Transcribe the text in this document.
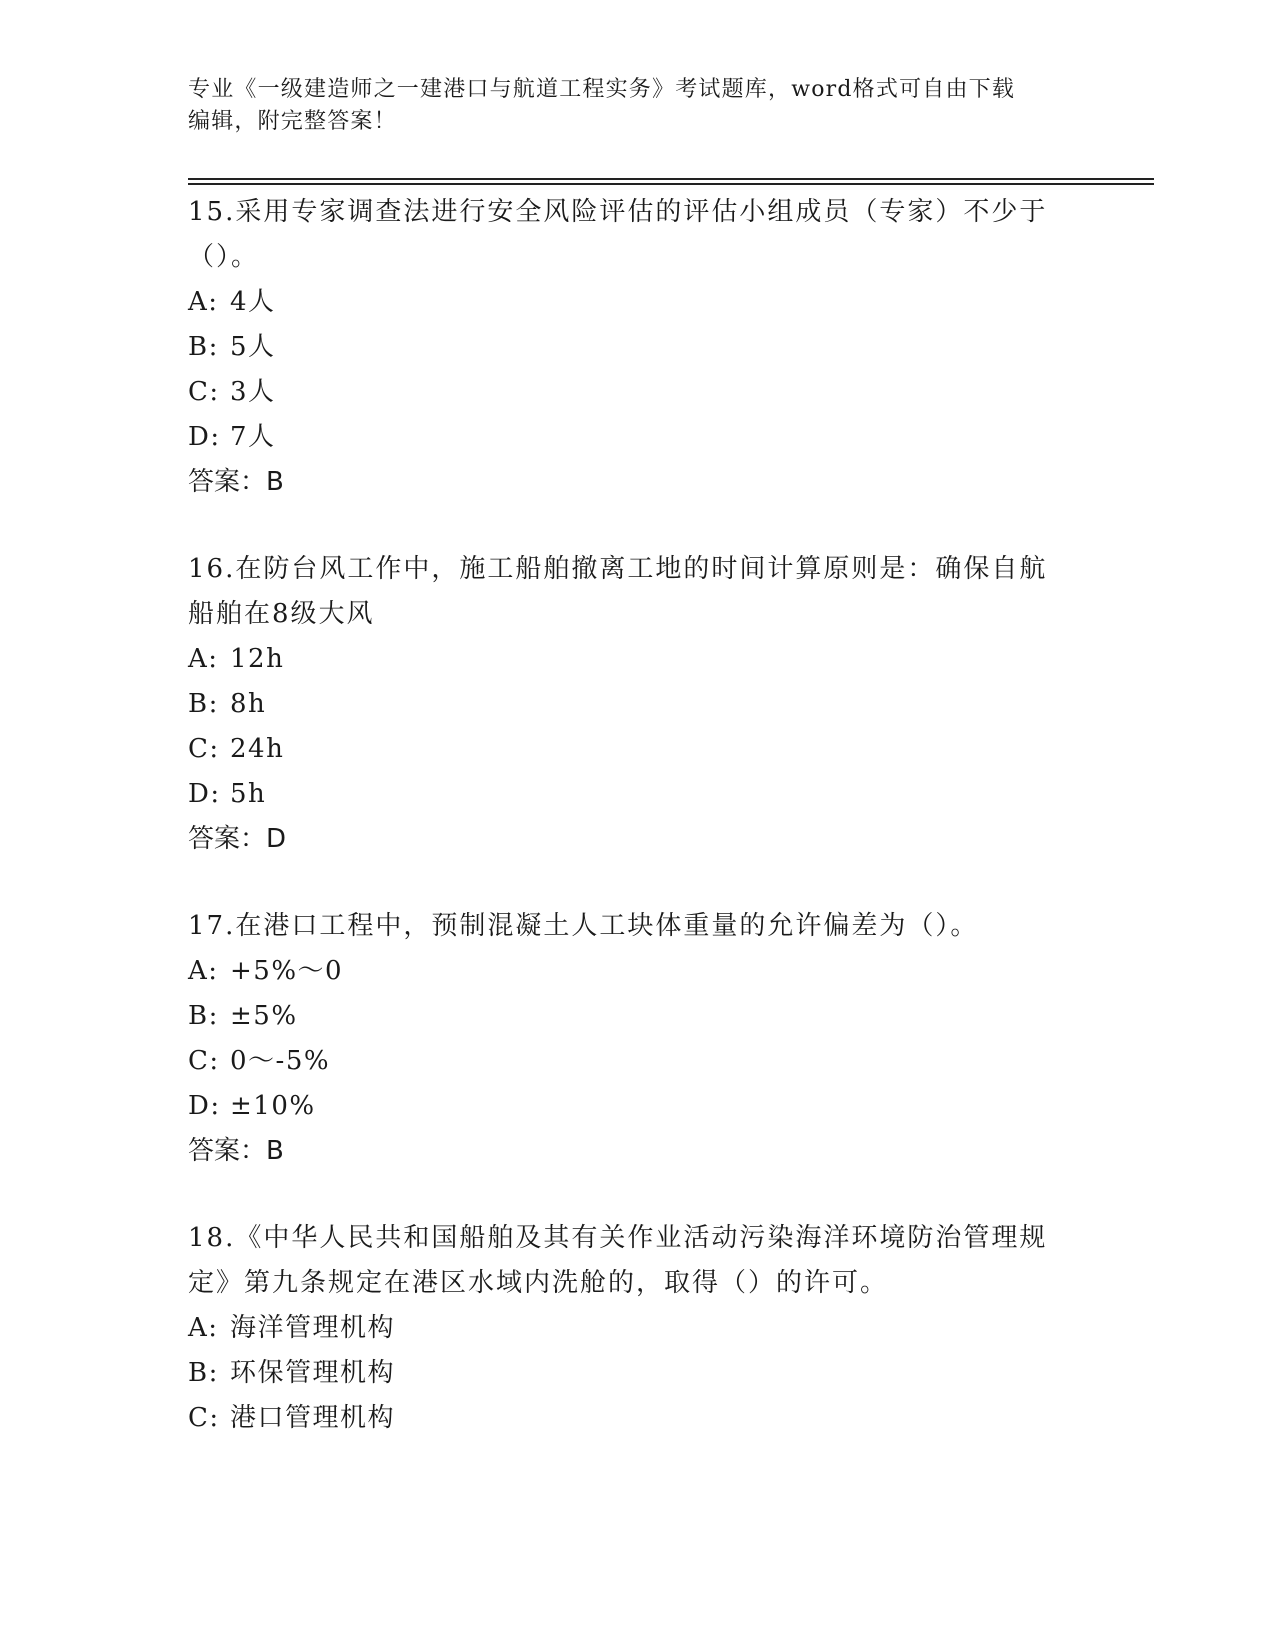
专业《一级建造师之一建港口与航道工程实务》考试题库，word格式可自由下载
编辑，附完整答案！
15.采用专家调查法进行安全风险评估的评估小组成员（专家）不少于
（）。
A: 4人
B: 5人
C: 3人
D: 7人
答案：B
16.在防台风工作中，施工船舶撤离工地的时间计算原则是：确保自航
船舶在8级大风
A: 12h
B: 8h
C: 24h
D: 5h
答案：D
17.在港口工程中，预制混凝土人工块体重量的允许偏差为（）。
A: +5%～0
B: ±5%
C: 0～-5%
D: ±10%
答案：B
18.《中华人民共和国船舶及其有关作业活动污染海洋环境防治管理规
定》第九条规定在港区水域内洗舱的，取得（）的许可。
A: 海洋管理机构
B: 环保管理机构
C: 港口管理机构
